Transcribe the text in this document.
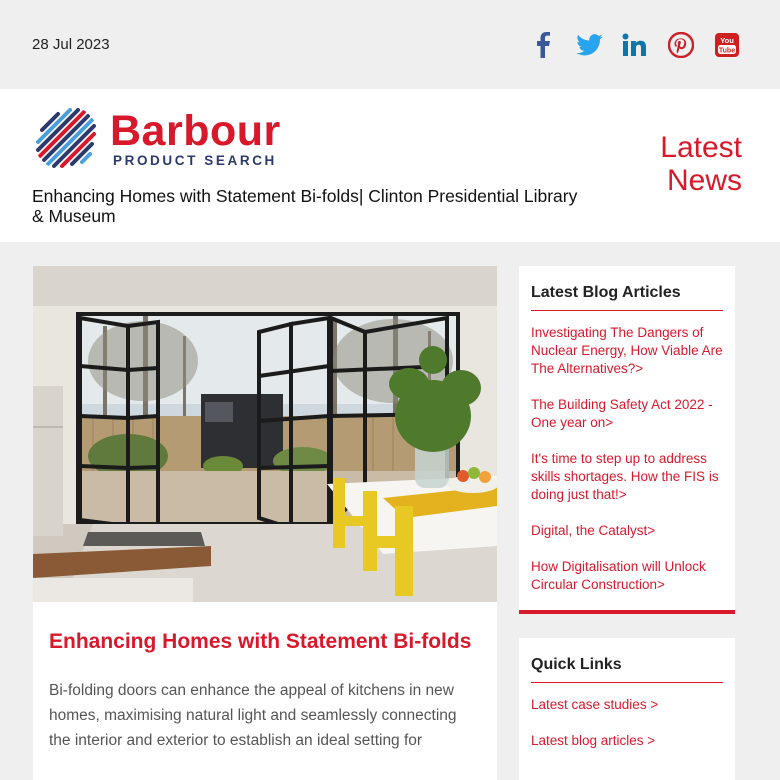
28 Jul 2023	You
Tube
Barbour
PRODUCT SEARCH
Enhancing Homes with Statement Bi-folds| Clinton Presidential Library & Museum
Latest
News
Enhancing Homes with Statement Bi-folds
Bi-folding doors can enhance the appeal of kitchens in new homes, maximising natural light and seamlessly connecting the interior and exterior to establish an ideal setting for
Latest Blog Articles
Investigating The Dangers of Nuclear Energy, How Viable Are The Alternatives?>
The Building Safety Act 2022 - One year on>
It's time to step up to address skills shortages. How the FIS is doing just that!>
Digital, the Catalyst>
How Digitalisation will Unlock Circular Construction>
Quick Links
Latest case studies >
Latest blog articles >
